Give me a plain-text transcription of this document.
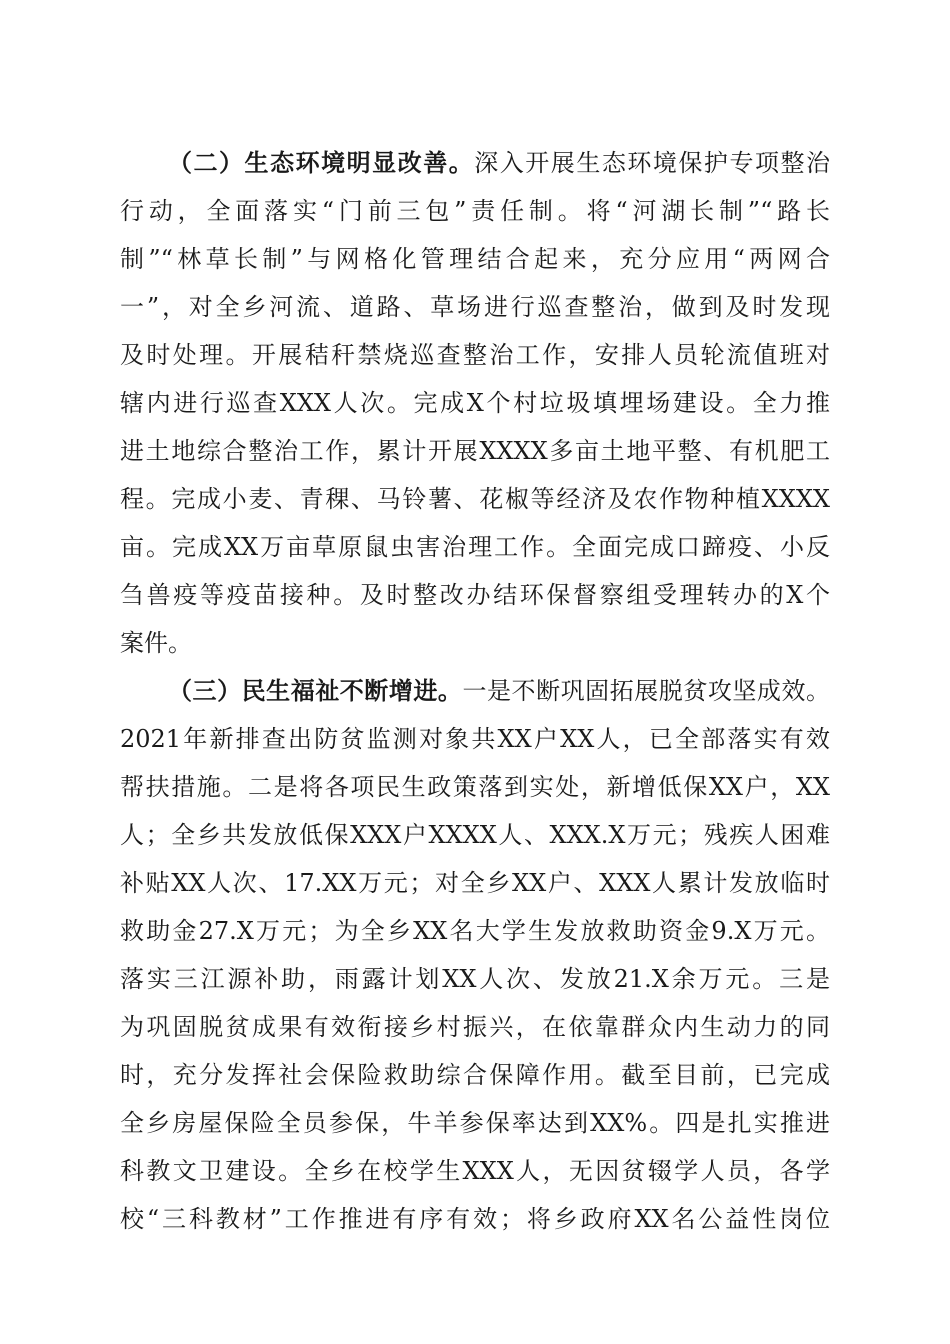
（二）生态环境明显改善。深入开展生态环境保护专项整治
行动，全面落实“门前三包”责任制。将“河湖长制”“路长
制”“林草长制”与网格化管理结合起来，充分应用“两网合
一”，对全乡河流、道路、草场进行巡查整治，做到及时发现
及时处理。开展秸秆禁烧巡查整治工作，安排人员轮流值班对
辖内进行巡查XXX人次。完成X个村垃圾填埋场建设。全力推
进土地综合整治工作，累计开展XXXX多亩土地平整、有机肥工
程。完成小麦、青稞、马铃薯、花椒等经济及农作物种植XXXX
亩。完成XX万亩草原鼠虫害治理工作。全面完成口蹄疫、小反
刍兽疫等疫苗接种。及时整改办结环保督察组受理转办的X个
案件。
（三）民生福祉不断增进。一是不断巩固拓展脱贫攻坚成效。
2021年新排查出防贫监测对象共XX户XX人，已全部落实有效
帮扶措施。二是将各项民生政策落到实处，新增低保XX户，XX
人；全乡共发放低保XXX户XXXX人、XXX.X万元；残疾人困难
补贴XX人次、17.XX万元；对全乡XX户、XXX人累计发放临时
救助金27.X万元；为全乡XX名大学生发放救助资金9.X万元。
落实三江源补助，雨露计划XX人次、发放21.X余万元。三是
为巩固脱贫成果有效衔接乡村振兴，在依靠群众内生动力的同
时，充分发挥社会保险救助综合保障作用。截至目前，已完成
全乡房屋保险全员参保，牛羊参保率达到XX%。四是扎实推进
科教文卫建设。全乡在校学生XXX人，无因贫辍学人员，各学
校“三科教材”工作推进有序有效；将乡政府XX名公益性岗位
